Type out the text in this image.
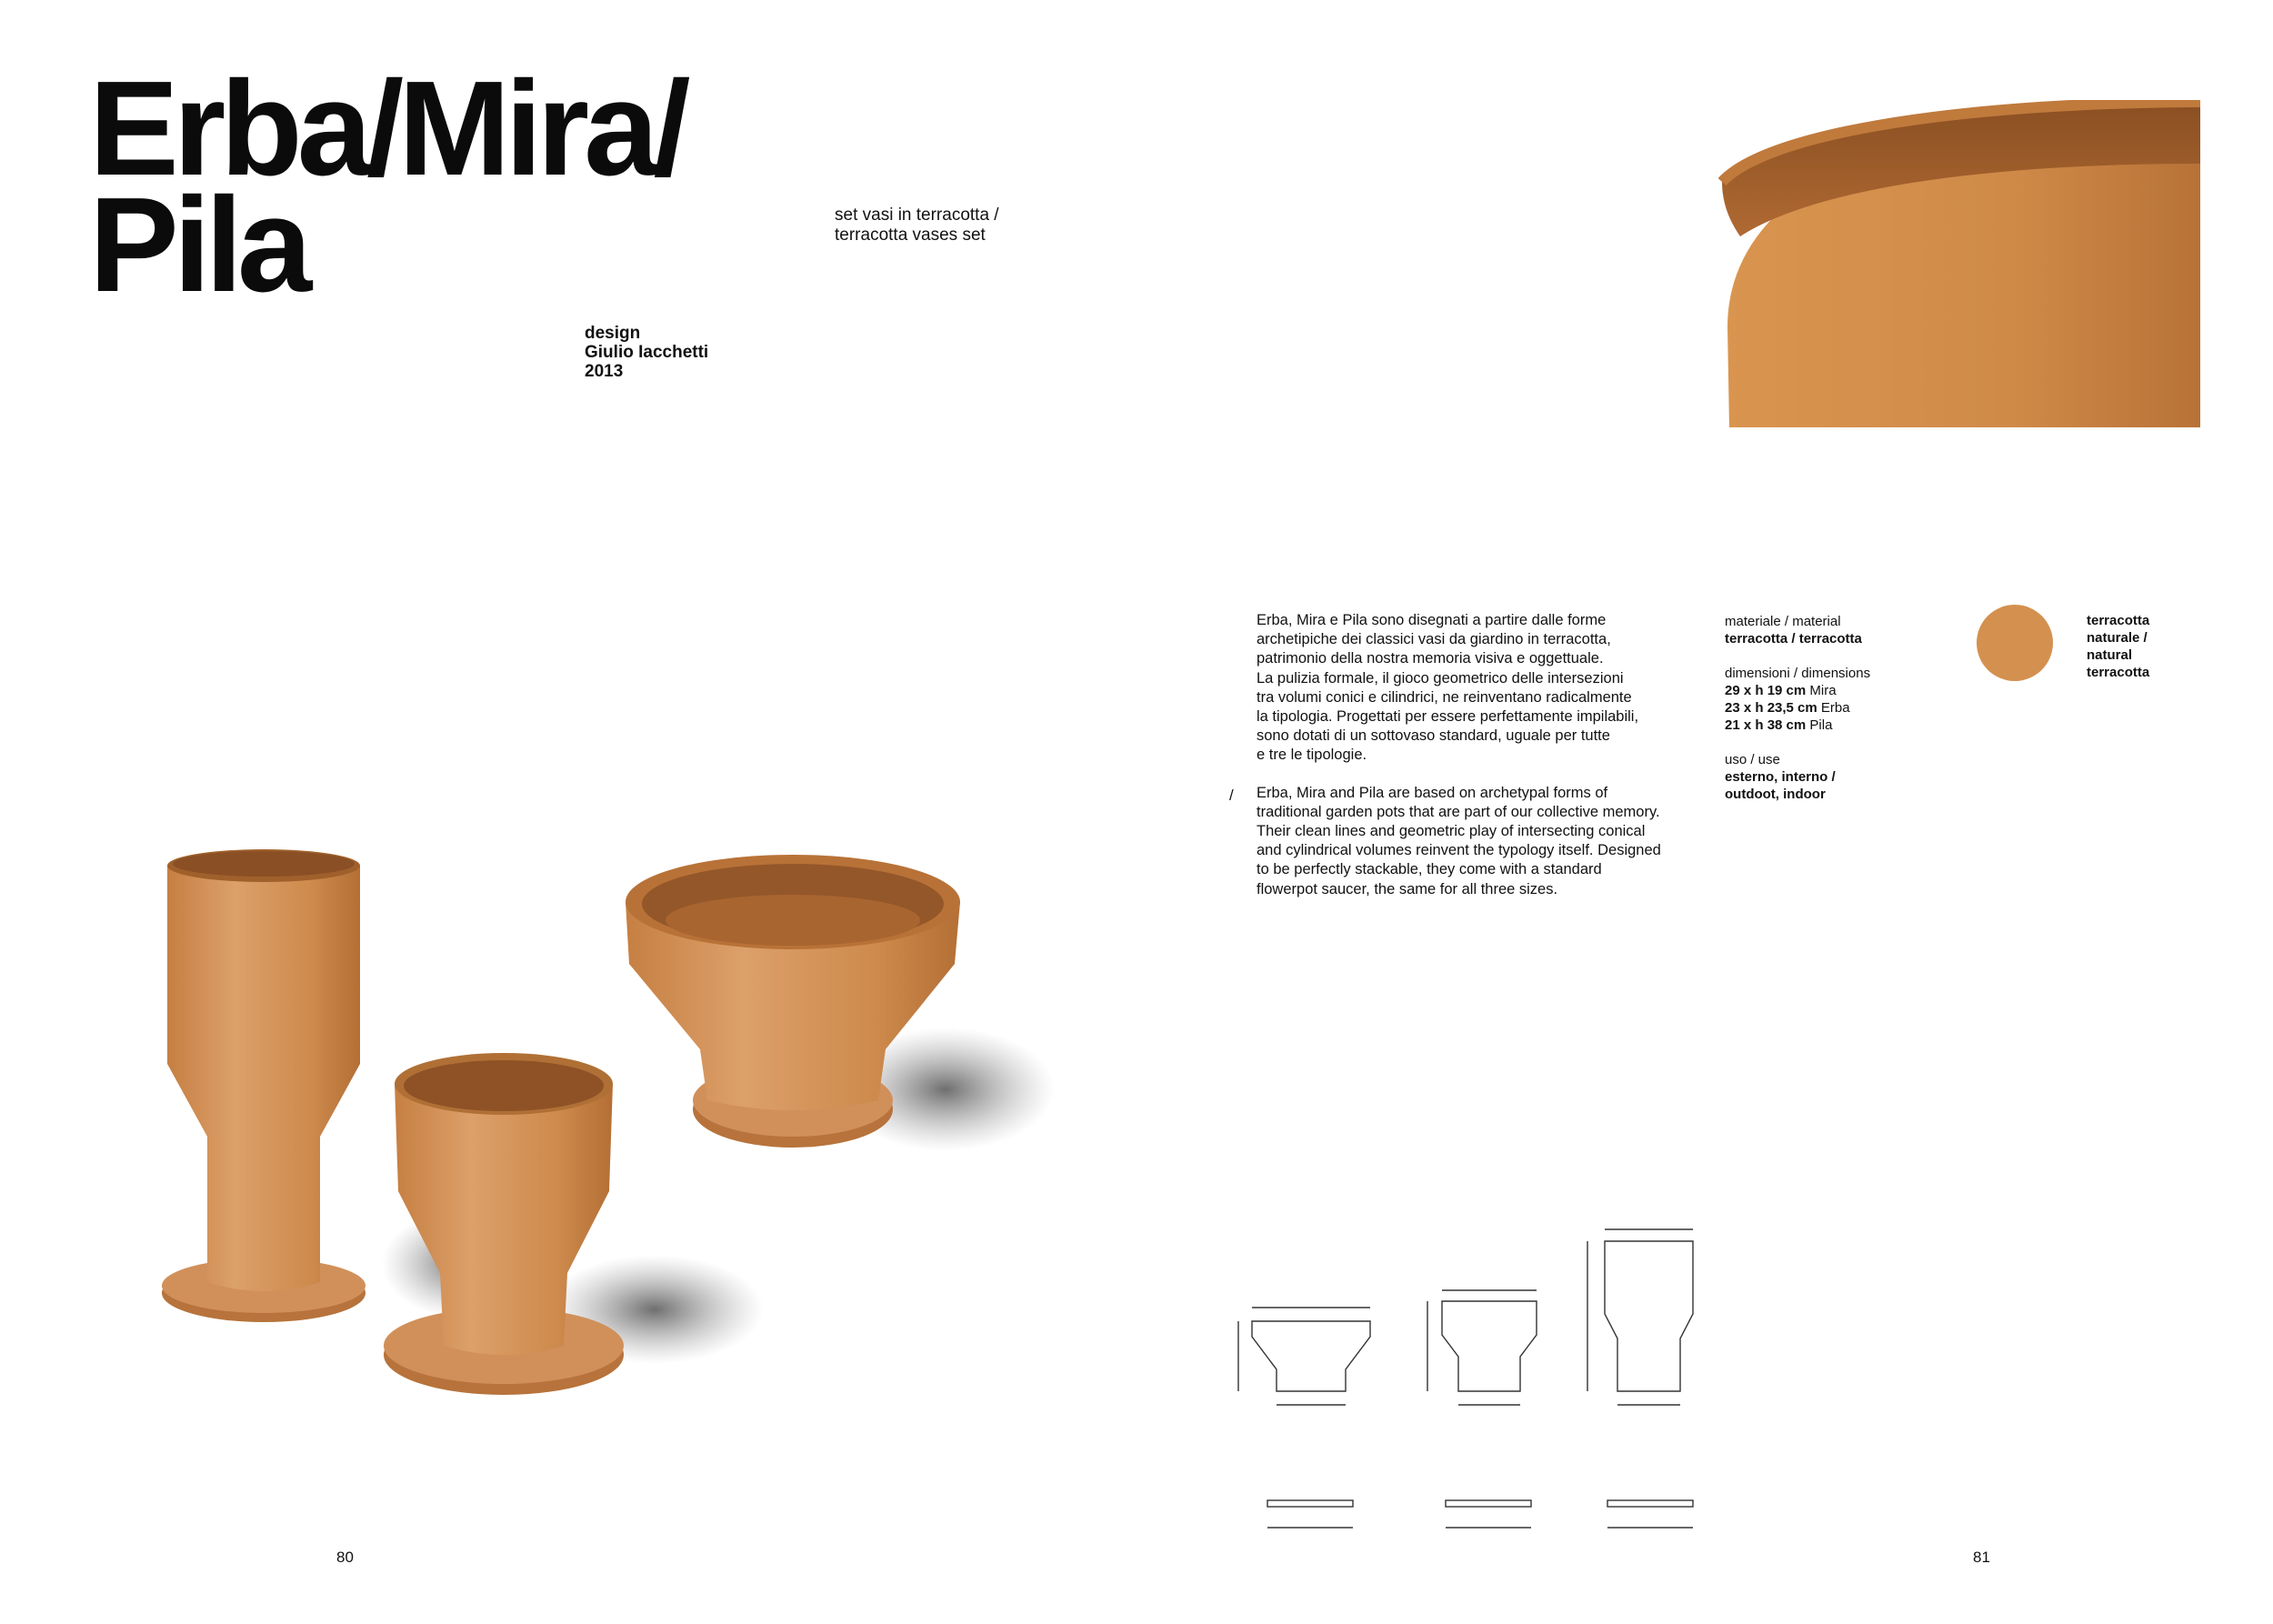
Erba/Mira/
Pila	set vasi in terracotta /
terracotta vases set
design
Giulio Iacchetti
2013

Erba, Mira e Pila sono disegnati a partire dalle forme
archetipiche dei classici vasi da giardino in terracotta,
patrimonio della nostra memoria visiva e oggettuale.
La pulizia formale, il gioco geometrico delle intersezioni
tra volumi conici e cilindrici, ne reinventano radicalmente
la tipologia. Progettati per essere perfettamente impilabili,
sono dotati di un sottovaso standard, uguale per tutte
e tre le tipologie.

Erba, Mira and Pila are based on archetypal forms of
traditional garden pots that are part of our collective memory.
Their clean lines and geometric play of intersecting conical
and cylindrical volumes reinvent the typology itself. Designed
to be perfectly stackable, they come with a standard
flowerpot saucer, the same for all three sizes.

/
materiale / material
terracotta / terracotta
dimensioni / dimensions
29 x h 19 cm Mira
23 x h 23,5 cm Erba
21 x h 38 cm Pila
uso / use
esterno, interno /
outdoot, indoor
terracotta
naturale /
natural
terracotta
29
19
14
23
23,5
14
21
38
14
1,6
21
1,6
21
1,6
21
80	81
